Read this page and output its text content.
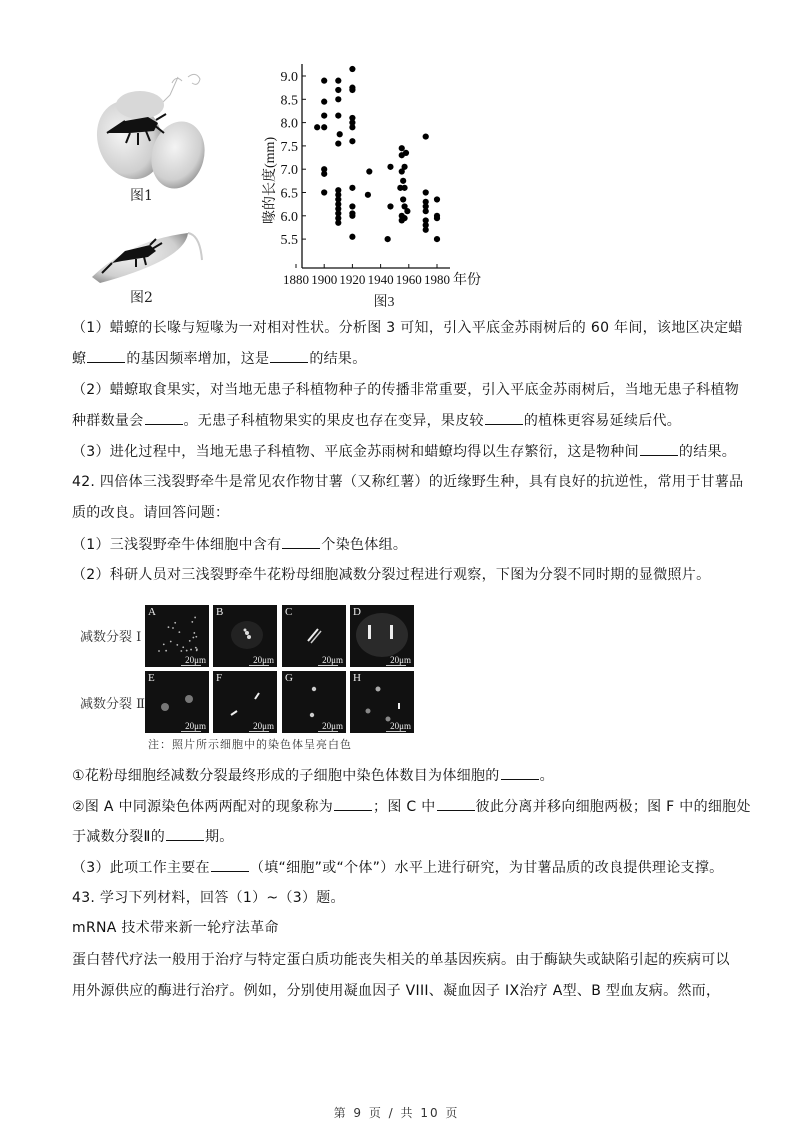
图1
图2
5.5
6.0
6.5
7.0
7.5
8.0
8.5
9.0
1880 1900 1920 1940 1960 1980 年份
喙的长度(mm)
图3
（1）蜡蟟的长喙与短喙为一对相对性状。分析图 3 可知，引入平底金苏雨树后的 60 年间，该地区决定蜡
蟟	的基因频率增加，这是	的结果。
（2）蜡蟟取食果实，对当地无患子科植物种子的传播非常重要，引入平底金苏雨树后，当地无患子科植物
种群数量会	。无患子科植物果实的果皮也存在变异，果皮较	的植株更容易延续后代。
（3）进化过程中，当地无患子科植物、平底金苏雨树和蜡蟟均得以生存繁衍，这是物种间	的结果。
42. 四倍体三浅裂野牵牛是常见农作物甘薯（又称红薯）的近缘野生种，具有良好的抗逆性，常用于甘薯品
质的改良。请回答问题：
（1）三浅裂野牵牛体细胞中含有	个染色体组。
（2）科研人员对三浅裂野牵牛花粉母细胞减数分裂过程进行观察，下图为分裂不同时期的显微照片。
减数分裂 Ⅰ
减数分裂 Ⅱ
A
20μm
B
20μm
C
20μm
D
20μm
E
20μm
F
20μm
G
20μm
H
20μm
注：照片所示细胞中的染色体呈亮白色
①花粉母细胞经减数分裂最终形成的子细胞中染色体数目为体细胞的	。
②图 A 中同源染色体两两配对的现象称为	；图 C 中	彼此分离并移向细胞两极；图 F 中的细胞处
于减数分裂Ⅱ的	期。
（3）此项工作主要在	（填“细胞”或“个体”）水平上进行研究，为甘薯品质的改良提供理论支撑。
43. 学习下列材料，回答（1）~（3）题。
mRNA 技术带来新一轮疗法革命
蛋白替代疗法一般用于治疗与特定蛋白质功能丧失相关的单基因疾病。由于酶缺失或缺陷引起的疾病可以
用外源供应的酶进行治疗。例如，分别使用凝血因子 VIII、凝血因子 IX治疗 A型、B 型血友病。然而，
第 9 页 / 共 10 页
